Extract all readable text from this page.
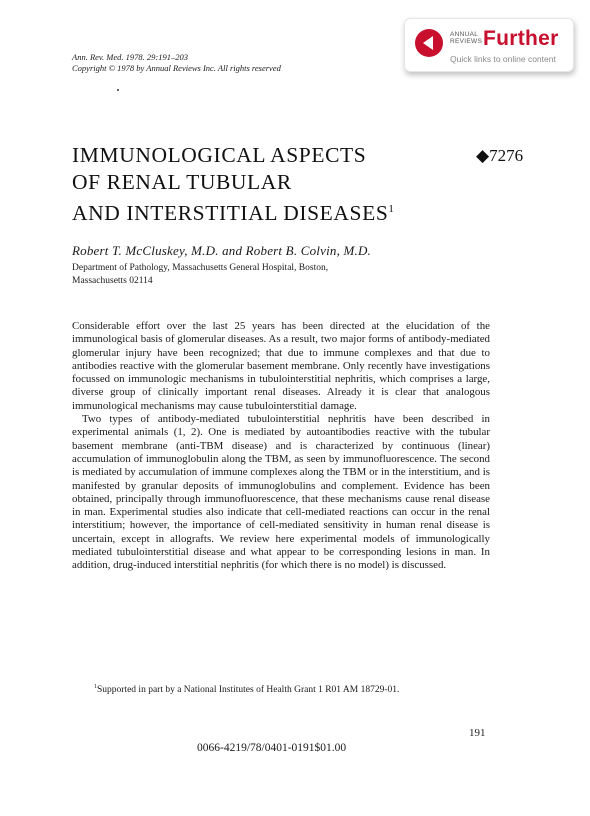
ANNUAL
REVIEWS Further
Quick links to online content
Ann. Rev. Med. 1978. 29:191–203
Copyright © 1978 by Annual Reviews Inc. All rights reserved
IMMUNOLOGICAL ASPECTS
OF RENAL TUBULAR
AND INTERSTITIAL DISEASES$^1$
◆7276
Robert T. McCluskey, M.D. and Robert B. Colvin, M.D.
Department of Pathology, Massachusetts General Hospital, Boston,
Massachusetts 02114

Considerable effort over the last 25 years has been directed at the elucidation of the immunological basis of glomerular diseases. As a result, two major forms of antibody-mediated glomerular injury have been recognized; that due to immune complexes and that due to antibodies reactive with the glomerular basement membrane. Only recently have investigations focussed on immunologic mechanisms in tubulointerstitial nephritis, which comprises a large, diverse group of clinically important renal diseases. Already it is clear that analogous immunological mechanisms may cause tubulointerstitial damage.

Two types of antibody-mediated tubulointerstitial nephritis have been described in experimental animals (1, 2). One is mediated by autoantibodies reactive with the tubular basement membrane (anti-TBM disease) and is characterized by continuous (linear) accumulation of immunoglobulin along the TBM, as seen by immunofluorescence. The second is mediated by accumulation of immune complexes along the TBM or in the interstitium, and is manifested by granular deposits of immunoglobulins and complement. Evidence has been obtained, principally through immunofluorescence, that these mechanisms cause renal disease in man. Experimental studies also indicate that cell-mediated reactions can occur in the renal interstitium; however, the importance of cell-mediated sensitivity in human renal disease is uncertain, except in allografts. We review here experimental models of immunologically mediated tubulointerstitial disease and what appear to be corresponding lesions in man. In addition, drug-induced interstitial nephritis (for which there is no model) is discussed.

$^1$Supported in part by a National Institutes of Health Grant 1 R01 AM 18729-01.
191
0066-4219/78/0401-0191$01.00
